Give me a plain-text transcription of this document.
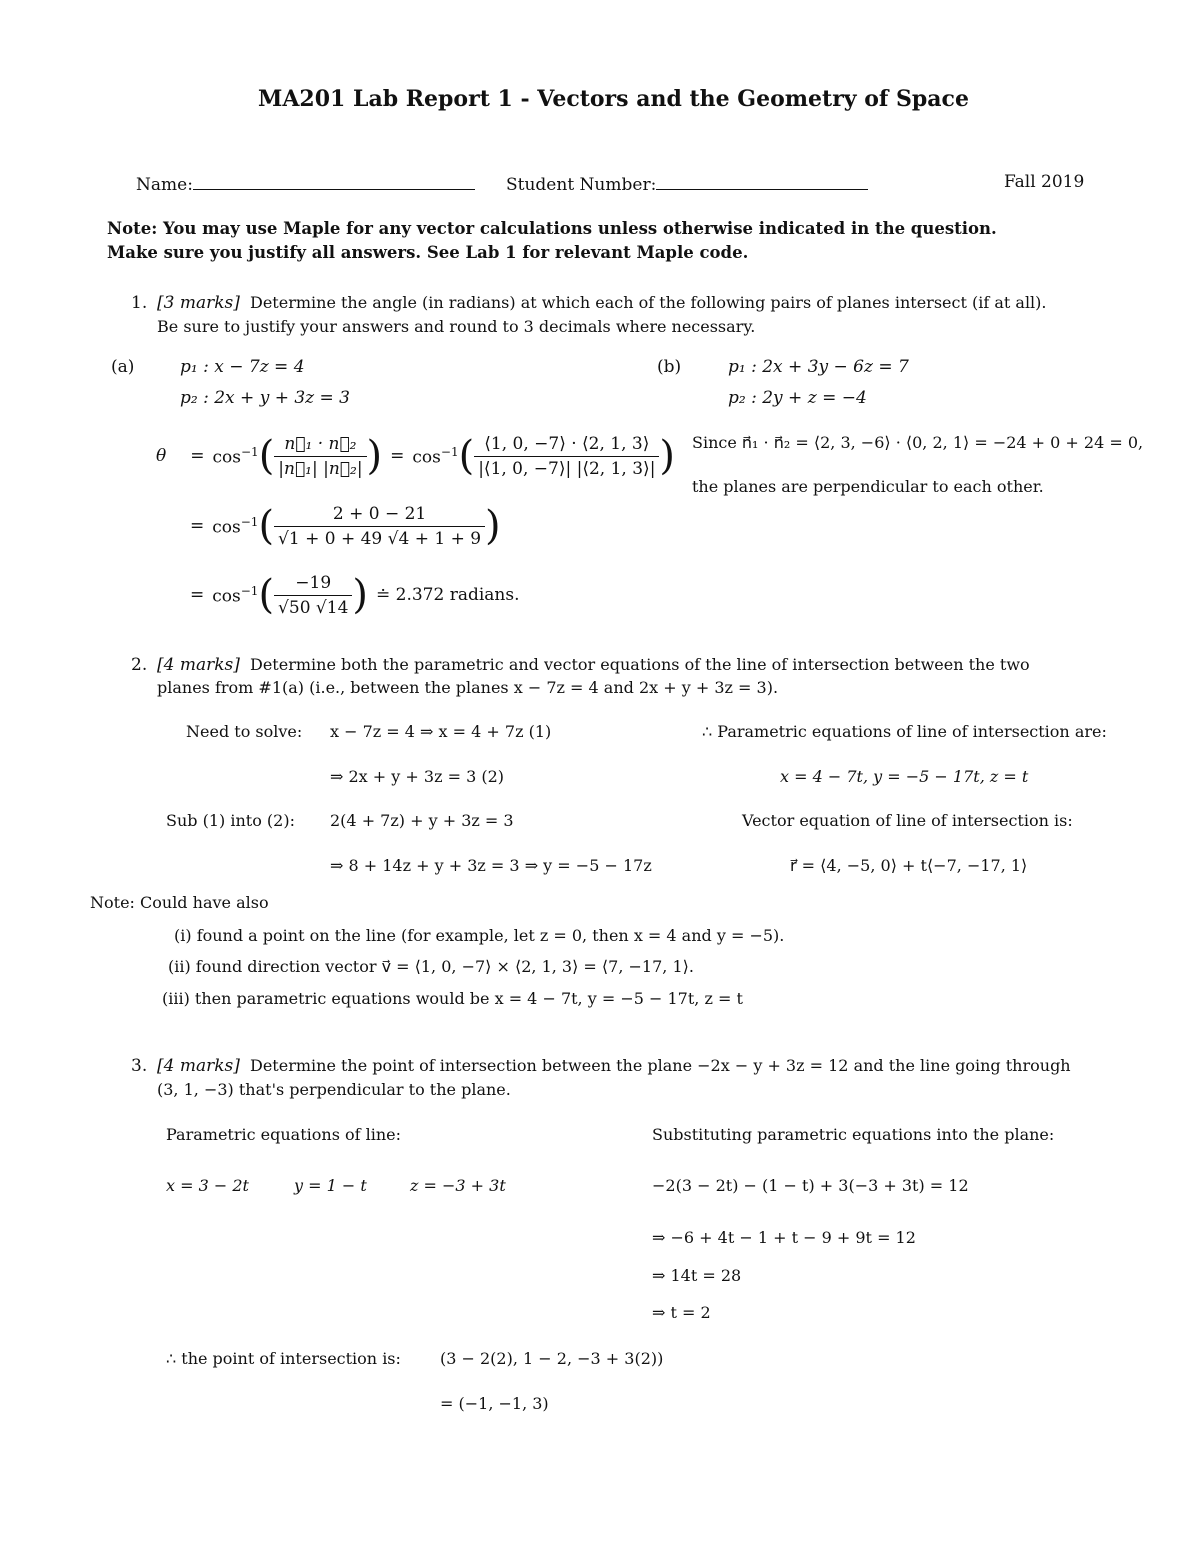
MA201 Lab Report 1 - Vectors and the Geometry of Space
Name:	Student Number:	Fall 2019
Note: You may use Maple for any vector calculations unless otherwise indicated in the question.
Make sure you justify all answers. See Lab 1 for relevant Maple code.
1. [3 marks] Determine the angle (in radians) at which each of the following pairs of planes intersect (if at all).
Be sure to justify your answers and round to 3 decimals where necessary.
(a)	p₁ : x − 7z = 4
p₂ : 2x + y + 3z = 3
$\theta = \cos^{-1}$ ( $\frac{\text{n⃗₁ · n⃗₂}}{\text{|n⃗₁| |n⃗₂|}}$ ) = $\cos^{-1}$ ( $\frac{⟨1, 0, -7⟩ \cdot ⟨2, 1, 3⟩}{|⟨1, 0, -7⟩| |⟨2, 1, 3⟩|}$ )
= $\cos^{-1}$ ( $\frac{2 + 0 - 21}{√1 + 0 + 49 √4 + 1 + 9}$ )
= $\cos^{-1}$ ( $\frac{-19}{√50 √14}$ ) ≐ 2.372 radians.
(b)	p₁ : 2x + 3y − 6z = 7
p₂ : 2y + z = −4
Since n⃗₁ · n⃗₂ = ⟨2, 3, −6⟩ · ⟨0, 2, 1⟩ = −24 + 0 + 24 = 0,
the planes are perpendicular to each other.
2. [4 marks] Determine both the parametric and vector equations of the line of intersection between the two
planes from #1(a) (i.e., between the planes x − 7z = 4 and 2x + y + 3z = 3).
Need to solve: x − 7z = 4 ⇒ x = 4 + 7z (1)
⇒ 2x + y + 3z = 3 (2)
Sub (1) into (2): 2(4 + 7z) + y + 3z = 3
⇒ 8 + 14z + y + 3z = 3 ⇒ y = −5 − 17z
∴ Parametric equations of line of intersection are:
x = 4 − 7t, y = −5 − 17t, z = t
Vector equation of line of intersection is:
r⃗ = ⟨4, −5, 0⟩ + t⟨−7, −17, 1⟩
Note: Could have also
(i) found a point on the line (for example, let z = 0, then x = 4 and y = −5).
(ii) found direction vector v⃗ = ⟨1, 0, −7⟩ × ⟨2, 1, 3⟩ = ⟨7, −17, 1⟩.
(iii) then parametric equations would be x = 4 − 7t, y = −5 − 17t, z = t
3. [4 marks] Determine the point of intersection between the plane −2x − y + 3z = 12 and the line going through
(3, 1, −3) that's perpendicular to the plane.
Parametric equations of line:
x = 3 − 2t	y = 1 − t	z = −3 + 3t
Substituting parametric equations into the plane:
−2(3 − 2t) − (1 − t) + 3(−3 + 3t) = 12
⇒ −6 + 4t − 1 + t − 9 + 9t = 12
⇒ 14t = 28
⇒ t = 2
∴ the point of intersection is: (3 − 2(2), 1 − 2, −3 + 3(2))
= (−1, −1, 3)
